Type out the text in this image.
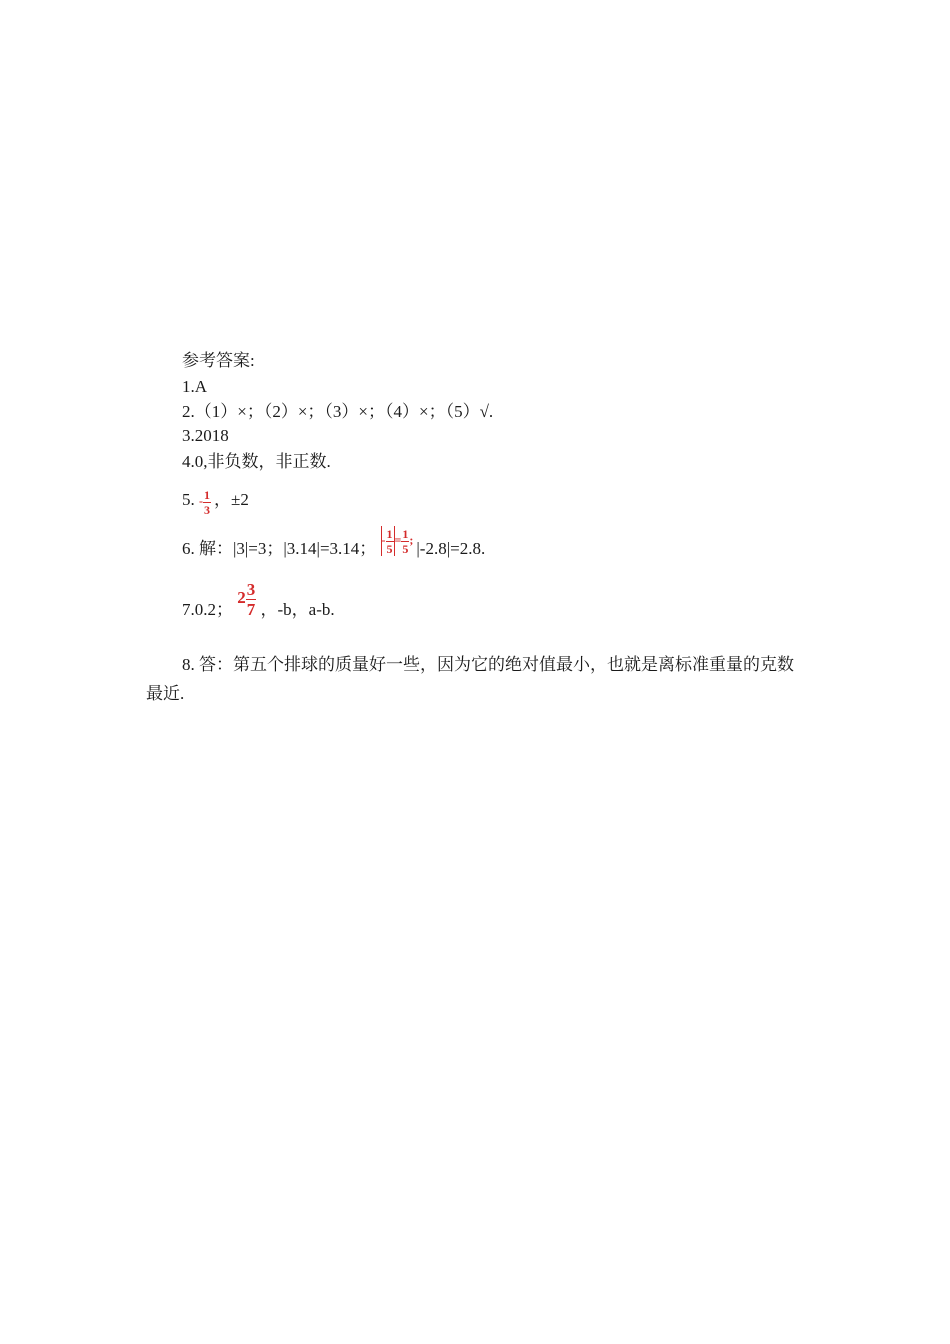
参考答案:
1.A
2.（1）×；（2）×；（3）×；（4）×；（5）√.
3.2018
4.0,非负数，非正数.
5. - $\frac{1}{3}$ ，±2
6. 解：|3|=3；|3.14|=3.14； $^{- \frac{1}{5} = \frac{1}{5} ;}$ |-2.8|=2.8.
7.0.2； $2 \frac{3}{7}$ ，-b，a-b.
8. 答：第五个排球的质量好一些，因为它的绝对值最小，也就是离标准重量的克数最近.
